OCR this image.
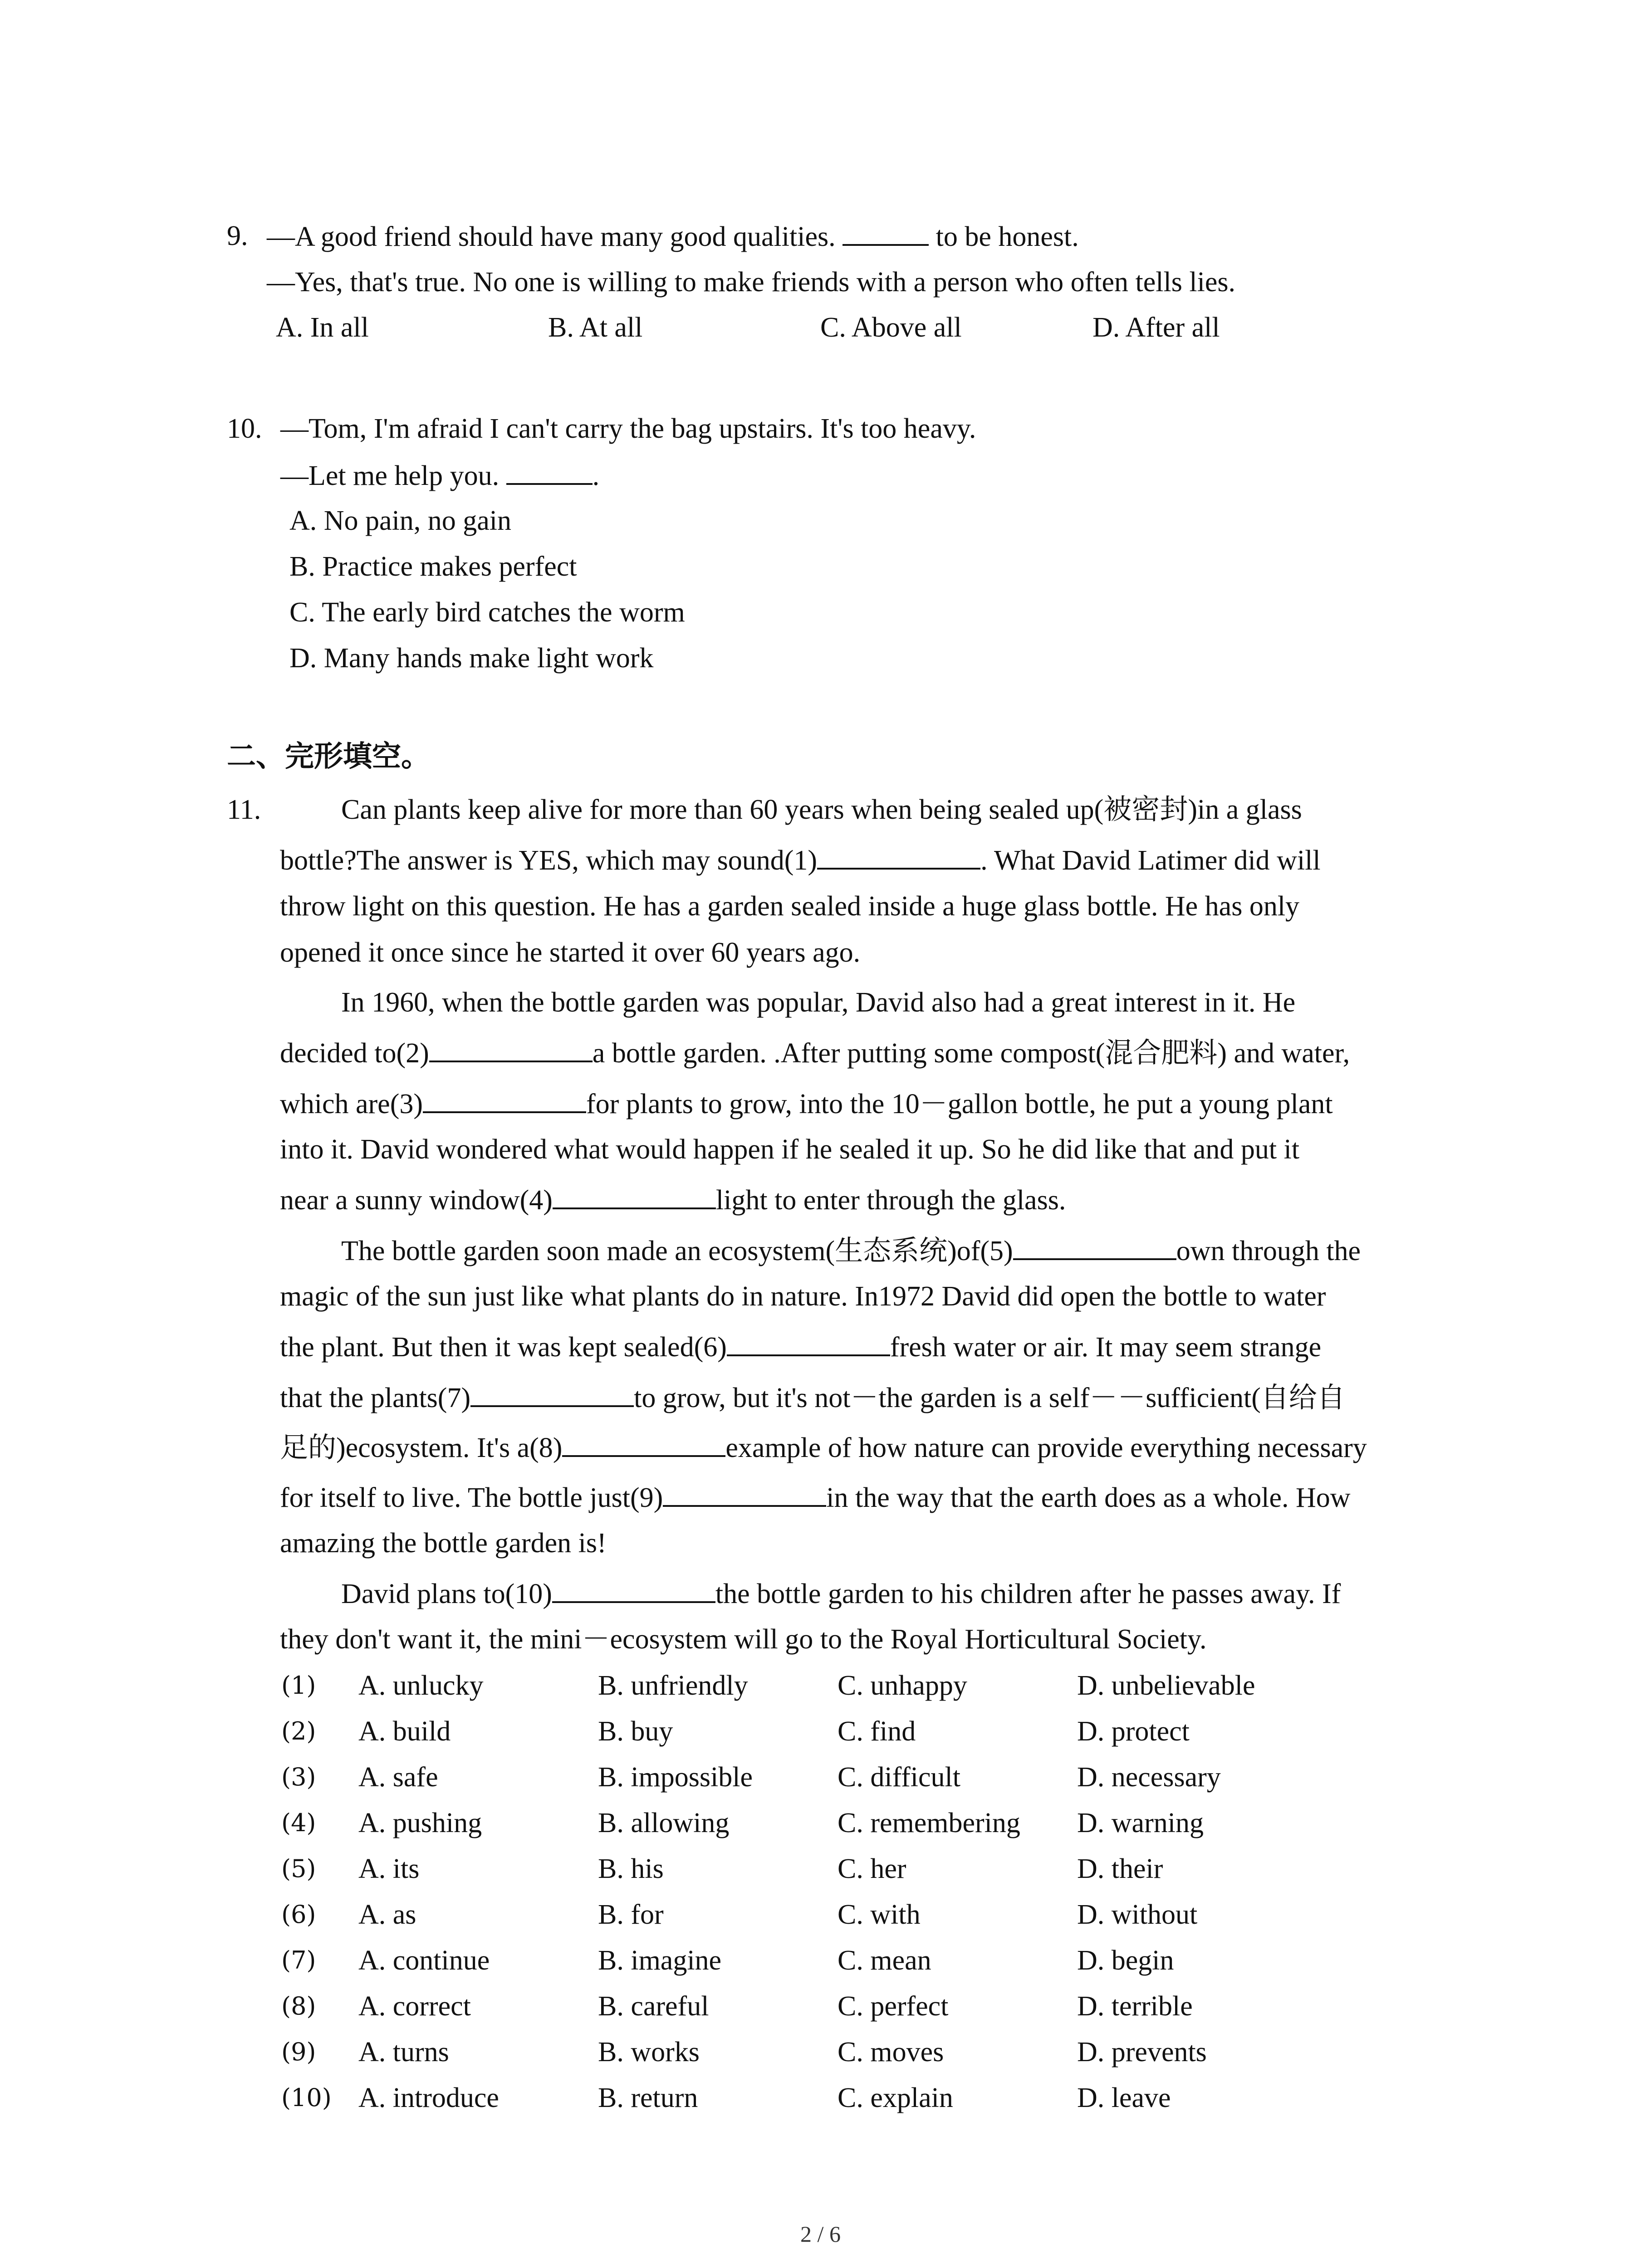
9. —A good friend should have many good qualities.	to be honest.
—Yes, that's true. No one is willing to make friends with a person who often tells lies.
A. In all	B. At all	C. Above all	D. After all
10. —Tom, I'm afraid I can't carry the bag upstairs. It's too heavy.
—Let me help you.	.
A. No pain, no gain
B. Practice makes perfect
C. The early bird catches the worm
D. Many hands make light work
二、完形填空。
11.	Can plants keep alive for more than 60 years when being sealed up(被密封)in a glass
bottle?The answer is YES, which may sound(1)	. What David Latimer did will
throw light on this question. He has a garden sealed inside a huge glass bottle. He has only
opened it once since he started it over 60 years ago.
In 1960, when the bottle garden was popular, David also had a great interest in it. He
decided to(2)	a bottle garden. .After putting some compost(混合肥料) and water,
which are(3)	for plants to grow, into the 10－gallon bottle, he put a young plant
into it. David wondered what would happen if he sealed it up. So he did like that and put it
near a sunny window(4)	light to enter through the glass.
The bottle garden soon made an ecosystem(生态系统)of(5)	own through the
magic of the sun just like what plants do in nature. In1972 David did open the bottle to water
the plant. But then it was kept sealed(6)	fresh water or air. It may seem strange
that the plants(7)	to grow, but it's not－the garden is a self－－sufficient(自给自
足的)ecosystem. It's a(8)	example of how nature can provide everything necessary
for itself to live. The bottle just(9)	in the way that the earth does as a whole. How
amazing the bottle garden is!
David plans to(10)	the bottle garden to his children after he passes away. If
they don't want it, the mini－ecosystem will go to the Royal Horticultural Society.
(1) A. unlucky	B. unfriendly	C. unhappy	D. unbelievable
(2) A. build	B. buy	C. find	D. protect
(3) A. safe	B. impossible	C. difficult	D. necessary
(4) A. pushing	B. allowing	C. remembering D. warning
(5) A. its	B. his	C. her	D. their
(6) A. as	B. for	C. with	D. without
(7) A. continue	B. imagine	C. mean	D. begin
(8) A. correct	B. careful	C. perfect	D. terrible
(9) A. turns	B. works	C. moves	D. prevents
(10) A. introduce	B. return	C. explain	D. leave
2 / 6
